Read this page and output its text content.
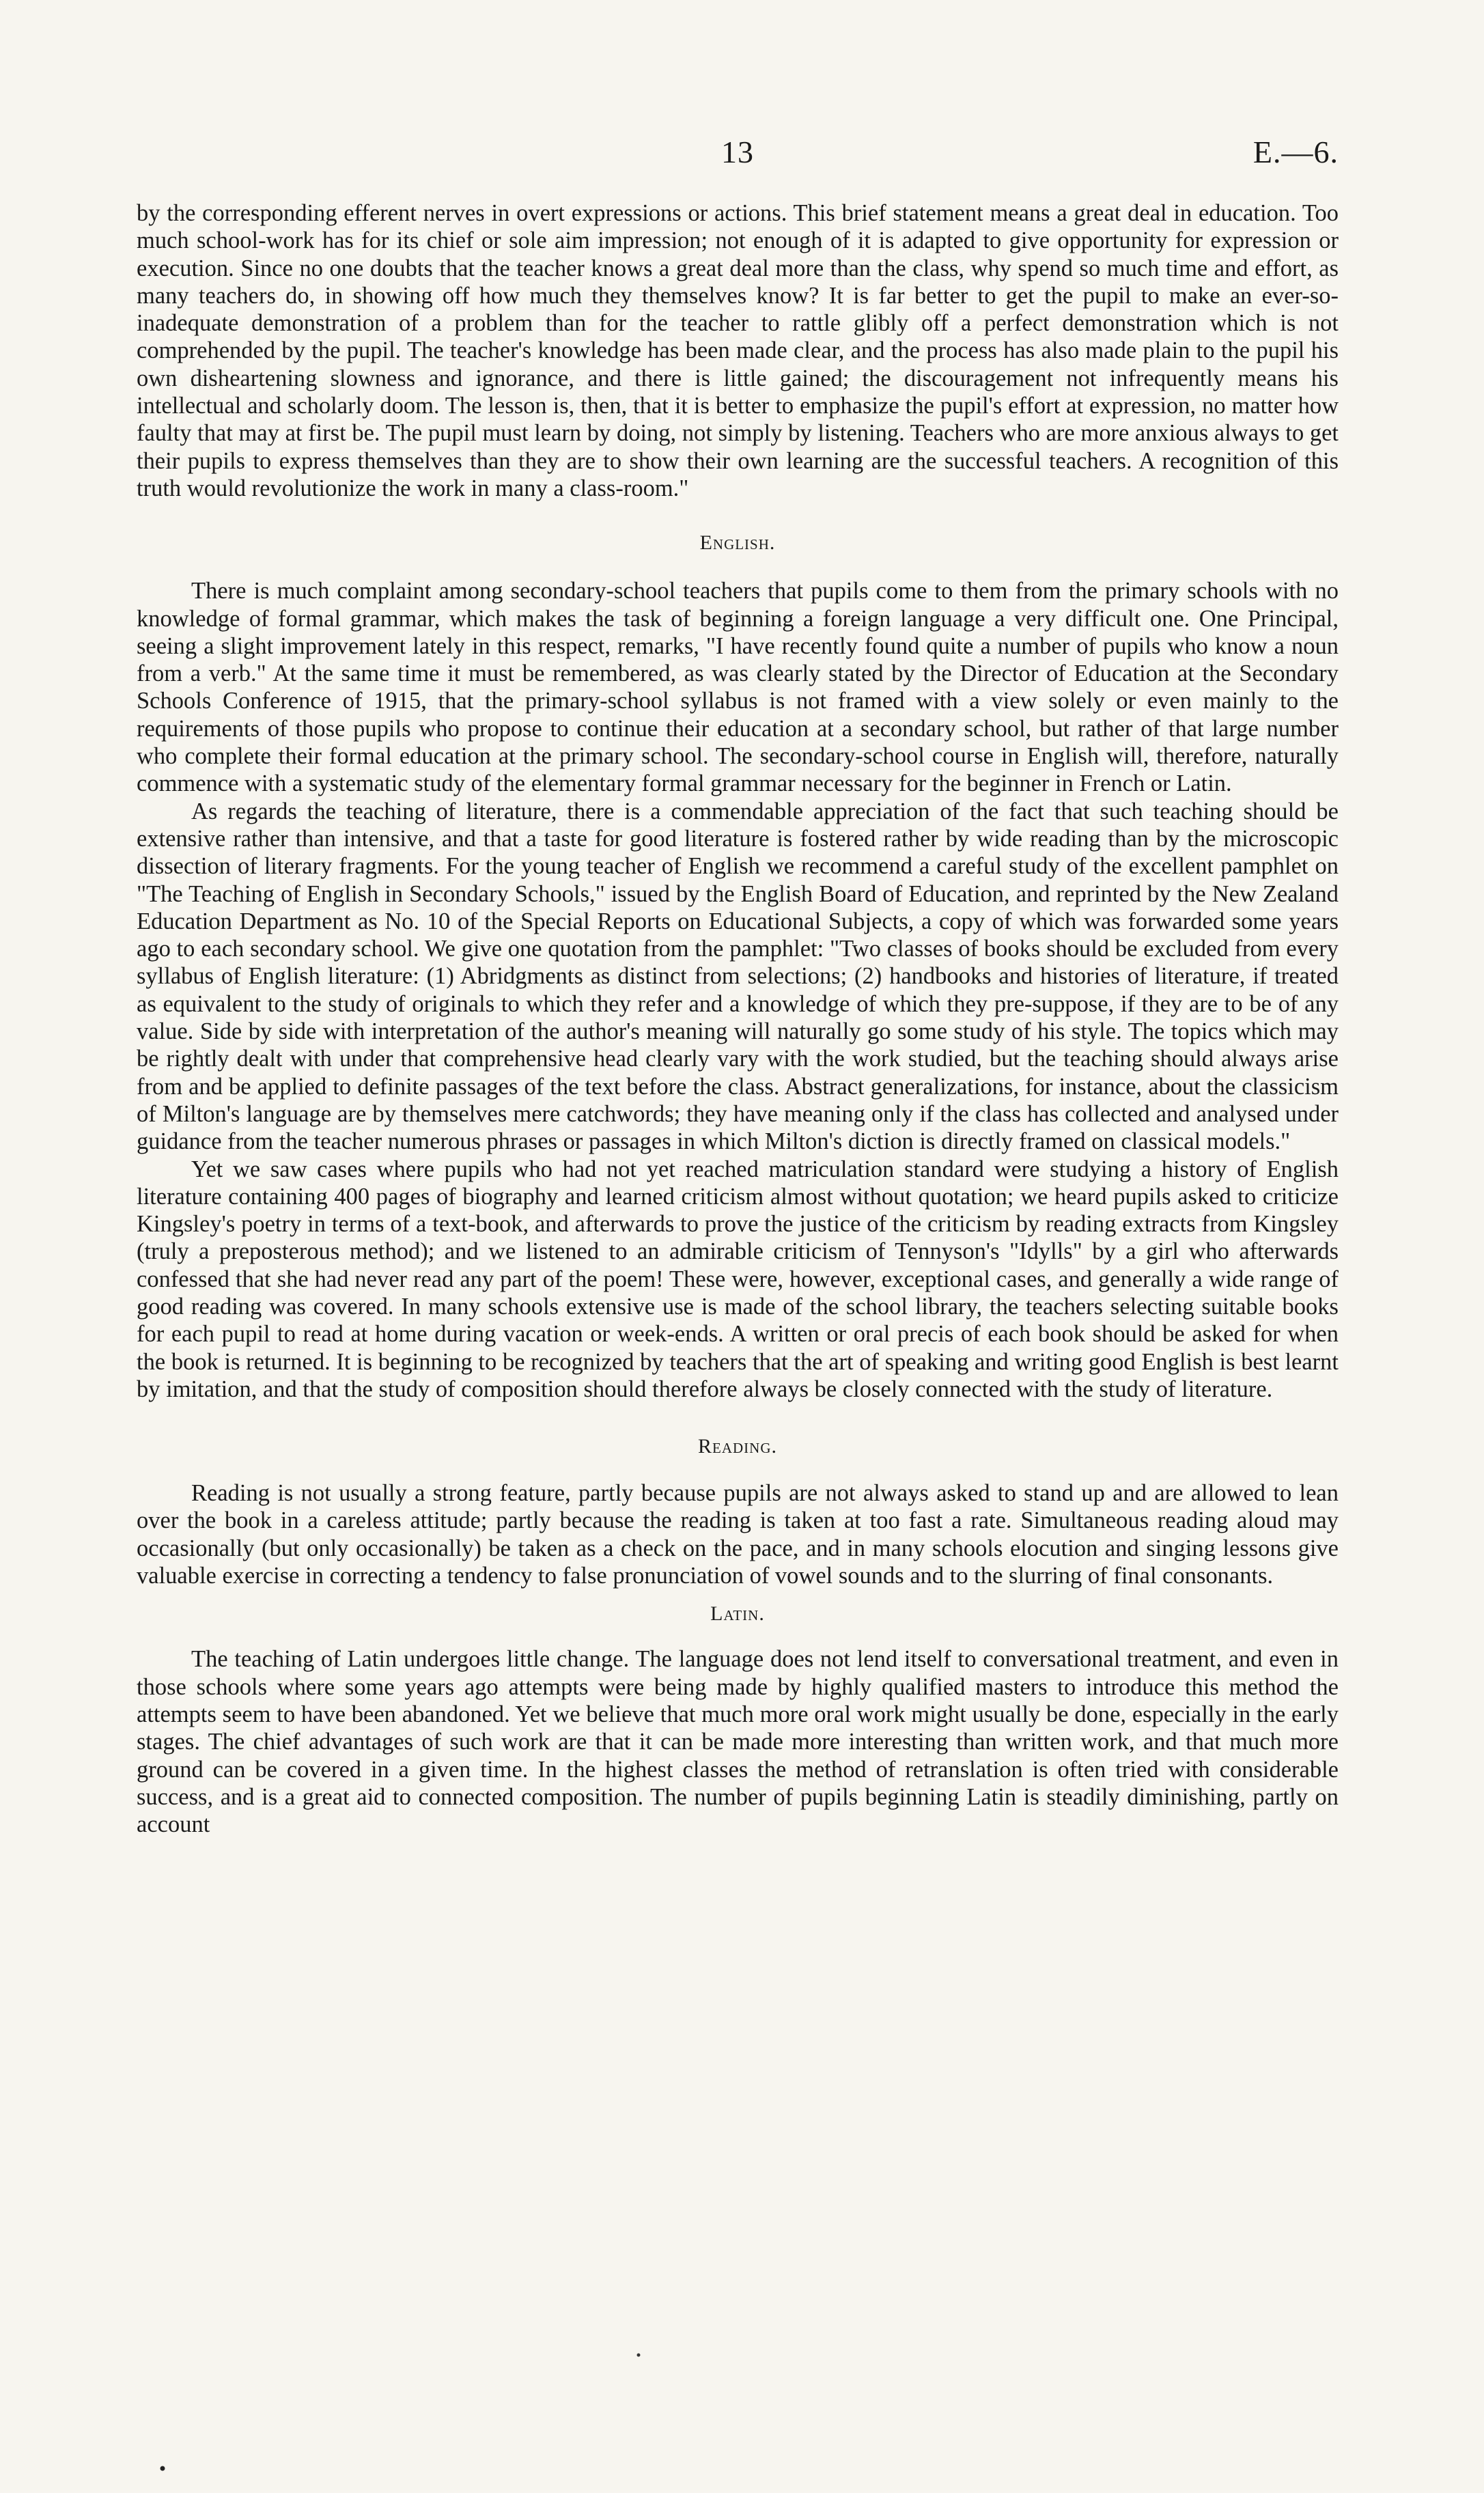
13	E.—6.

by the corresponding efferent nerves in overt expressions or actions. This brief statement means a great deal in education. Too much school-work has for its chief or sole aim impression; not enough of it is adapted to give opportunity for expression or execution. Since no one doubts that the teacher knows a great deal more than the class, why spend so much time and effort, as many teachers do, in showing off how much they themselves know? It is far better to get the pupil to make an ever-so-inadequate demonstration of a problem than for the teacher to rattle glibly off a perfect demonstration which is not comprehended by the pupil. The teacher's knowledge has been made clear, and the process has also made plain to the pupil his own disheartening slowness and ignorance, and there is little gained; the discouragement not infrequently means his intellectual and scholarly doom. The lesson is, then, that it is better to emphasize the pupil's effort at expression, no matter how faulty that may at first be. The pupil must learn by doing, not simply by listening. Teachers who are more anxious always to get their pupils to express themselves than they are to show their own learning are the successful teachers. A recognition of this truth would revolutionize the work in many a class-room."

English.

There is much complaint among secondary-school teachers that pupils come to them from the primary schools with no knowledge of formal grammar, which makes the task of beginning a foreign language a very difficult one. One Principal, seeing a slight improvement lately in this respect, remarks, "I have recently found quite a number of pupils who know a noun from a verb." At the same time it must be remembered, as was clearly stated by the Director of Education at the Secondary Schools Conference of 1915, that the primary-school syllabus is not framed with a view solely or even mainly to the requirements of those pupils who propose to continue their education at a secondary school, but rather of that large number who complete their formal education at the primary school. The secondary-school course in English will, therefore, naturally commence with a systematic study of the elementary formal grammar necessary for the beginner in French or Latin.

As regards the teaching of literature, there is a commendable appreciation of the fact that such teaching should be extensive rather than intensive, and that a taste for good literature is fostered rather by wide reading than by the microscopic dissection of literary fragments. For the young teacher of English we recommend a careful study of the excellent pamphlet on "The Teaching of English in Secondary Schools," issued by the English Board of Education, and reprinted by the New Zealand Education Department as No. 10 of the Special Reports on Educational Subjects, a copy of which was forwarded some years ago to each secondary school. We give one quotation from the pamphlet: "Two classes of books should be excluded from every syllabus of English literature: (1) Abridgments as distinct from selections; (2) handbooks and histories of literature, if treated as equivalent to the study of originals to which they refer and a knowledge of which they pre-suppose, if they are to be of any value. Side by side with interpretation of the author's meaning will naturally go some study of his style. The topics which may be rightly dealt with under that comprehensive head clearly vary with the work studied, but the teaching should always arise from and be applied to definite passages of the text before the class. Abstract generalizations, for instance, about the classicism of Milton's language are by themselves mere catchwords; they have meaning only if the class has collected and analysed under guidance from the teacher numerous phrases or passages in which Milton's diction is directly framed on classical models."

Yet we saw cases where pupils who had not yet reached matriculation standard were studying a history of English literature containing 400 pages of biography and learned criticism almost without quotation; we heard pupils asked to criticize Kingsley's poetry in terms of a text-book, and afterwards to prove the justice of the criticism by reading extracts from Kingsley (truly a preposterous method); and we listened to an admirable criticism of Tennyson's "Idylls" by a girl who afterwards confessed that she had never read any part of the poem! These were, however, exceptional cases, and generally a wide range of good reading was covered. In many schools extensive use is made of the school library, the teachers selecting suitable books for each pupil to read at home during vacation or week-ends. A written or oral precis of each book should be asked for when the book is returned. It is beginning to be recognized by teachers that the art of speaking and writing good English is best learnt by imitation, and that the study of composition should therefore always be closely connected with the study of literature.

Reading.

Reading is not usually a strong feature, partly because pupils are not always asked to stand up and are allowed to lean over the book in a careless attitude; partly because the reading is taken at too fast a rate. Simultaneous reading aloud may occasionally (but only occasionally) be taken as a check on the pace, and in many schools elocution and singing lessons give valuable exercise in correcting a tendency to false pronunciation of vowel sounds and to the slurring of final consonants.

Latin.

The teaching of Latin undergoes little change. The language does not lend itself to conversational treatment, and even in those schools where some years ago attempts were being made by highly qualified masters to introduce this method the attempts seem to have been abandoned. Yet we believe that much more oral work might usually be done, especially in the early stages. The chief advantages of such work are that it can be made more interesting than written work, and that much more ground can be covered in a given time. In the highest classes the method of retranslation is often tried with considerable success, and is a great aid to connected composition. The number of pupils beginning Latin is steadily diminishing, partly on account
